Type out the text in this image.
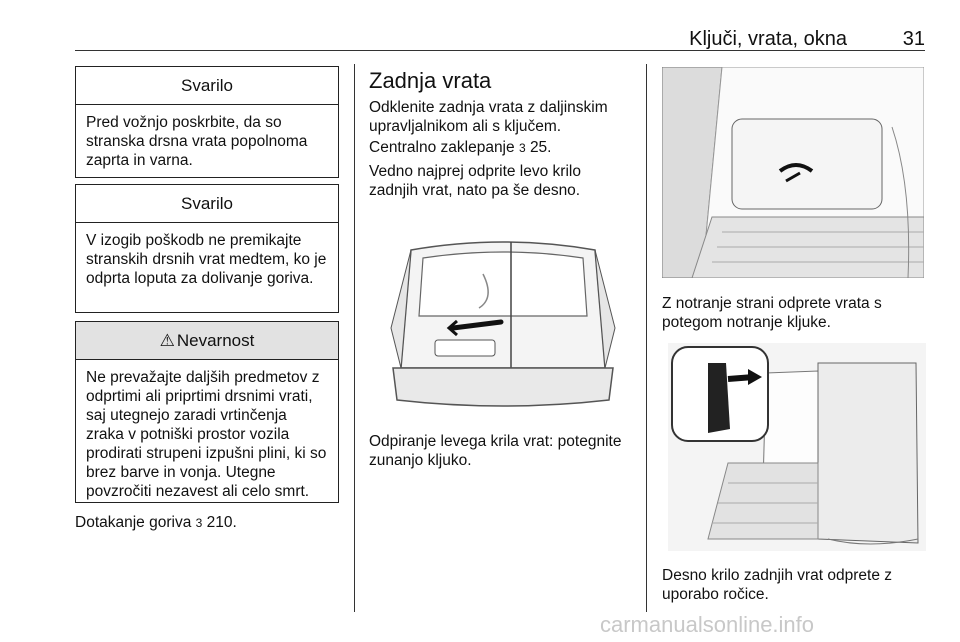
Ključi, vrata, okna	31
Svarilo
Pred vožnjo poskrbite, da so stranska drsna vrata popolnoma zaprta in varna.
Svarilo
V izogib poškodb ne premikajte stranskih drsnih vrat medtem, ko je odprta loputa za dolivanje goriva.
⚠ Nevarnost
Ne prevažajte daljših predmetov z odprtimi ali priprtimi drsnimi vrati, saj utegnejo zaradi vrtinčenja zraka v potniški prostor vozila prodirati strupeni izpušni plini, ki so brez barve in vonja. Utegne povzročiti nezavest ali celo smrt.
Dotakanje goriva 3 210.
Zadnja vrata
Odklenite zadnja vrata z daljinskim upravljalnikom ali s ključem.
Centralno zaklepanje 3 25.
Vedno najprej odprite levo krilo zadnjih vrat, nato pa še desno.
Odpiranje levega krila vrat: potegnite zunanjo kljuko.
Z notranje strani odprete vrata s potegom notranje kljuke.
Desno krilo zadnjih vrat odprete z uporabo ročice.
carmanualsonline.info
